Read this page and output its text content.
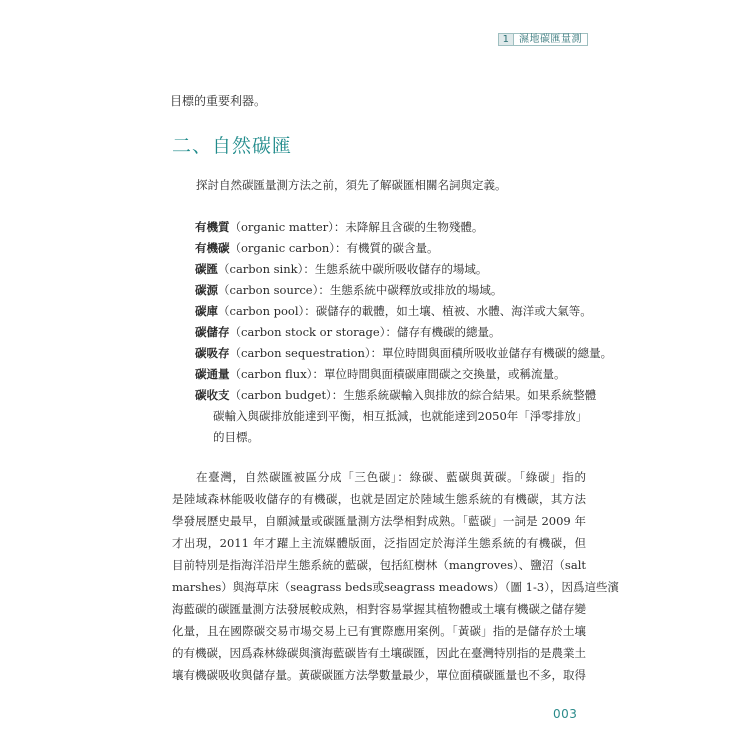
1	濕地碳匯量測
目標的重要利器。
二、自然碳匯
探討自然碳匯量測方法之前，須先了解碳匯相關名詞與定義。
有機質（organic matter）：未降解且含碳的生物殘體。
有機碳（organic carbon）：有機質的碳含量。
碳匯（carbon sink）：生態系統中碳所吸收儲存的場域。
碳源（carbon source）：生態系統中碳釋放或排放的場域。
碳庫（carbon pool）：碳儲存的載體，如土壤、植被、水體、海洋或大氣等。
碳儲存（carbon stock or storage）：儲存有機碳的總量。
碳吸存（carbon sequestration）：單位時間與面積所吸收並儲存有機碳的總量。
碳通量（carbon flux）：單位時間與面積碳庫間碳之交換量，或稱流量。
碳收支（carbon budget）：生態系統碳輸入與排放的綜合結果。如果系統整體
碳輸入與碳排放能達到平衡，相互抵減，也就能達到2050年「淨零排放」
的目標。
在臺灣，自然碳匯被區分成「三色碳」：綠碳、藍碳與黃碳。「綠碳」指的
是陸域森林能吸收儲存的有機碳，也就是固定於陸域生態系統的有機碳，其方法
學發展歷史最早，自願減量或碳匯量測方法學相對成熟。「藍碳」一詞是 2009 年
才出現，2011 年才躍上主流媒體版面，泛指固定於海洋生態系統的有機碳，但
目前特別是指海洋沿岸生態系統的藍碳，包括紅樹林（mangroves）、鹽沼（salt
marshes）與海草床（seagrass beds或seagrass meadows）（圖 1-3），因爲這些濱
海藍碳的碳匯量測方法發展較成熟，相對容易掌握其植物體或土壤有機碳之儲存變
化量，且在國際碳交易市場交易上已有實際應用案例。「黃碳」指的是儲存於土壤
的有機碳，因爲森林綠碳與濱海藍碳皆有土壤碳匯，因此在臺灣特別指的是農業土
壤有機碳吸收與儲存量。黃碳碳匯方法學數量最少，單位面積碳匯量也不多，取得
003
